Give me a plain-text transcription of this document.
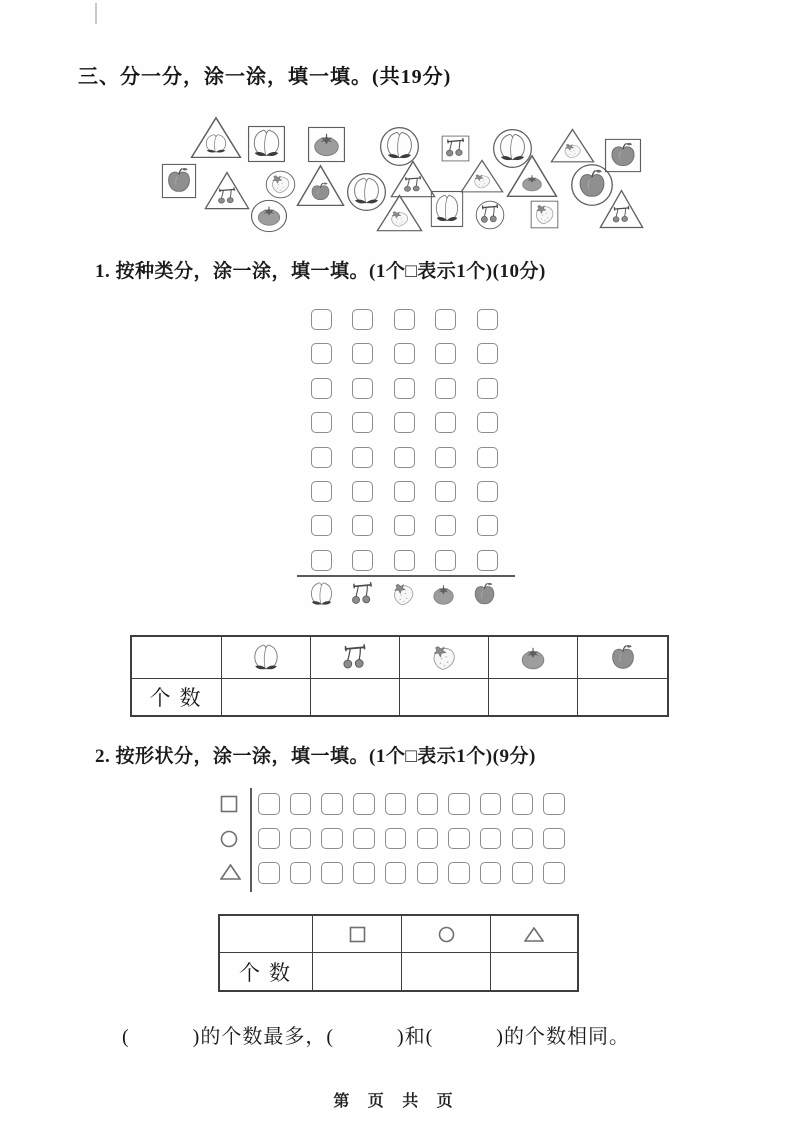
三、分一分，涂一涂，填一填。(共19分)
1. 按种类分，涂一涂，填一填。(1个□表示1个)(10分)
个数
2. 按形状分，涂一涂，填一填。(1个□表示1个)(9分)
个数
(　　　)的个数最多，(　　　)和(　　　)的个数相同。
第 页 共 页
